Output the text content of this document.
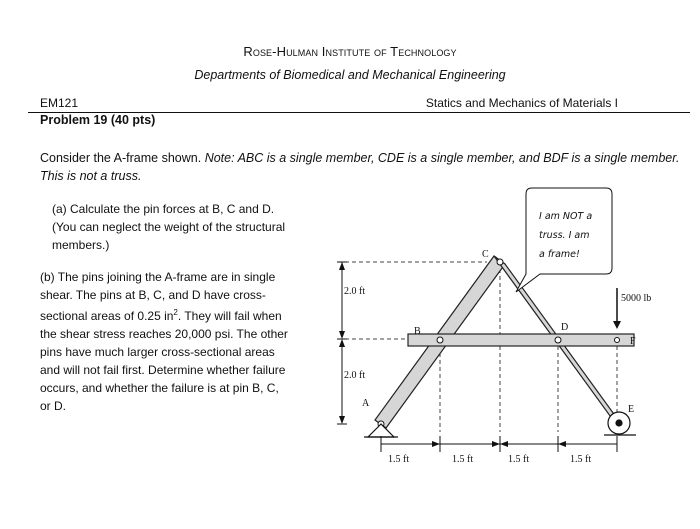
Rose-Hulman Institute of Technology
Departments of Biomedical and Mechanical Engineering
EM121	Statics and Mechanics of Materials I
Problem 19 (40 pts)
Consider the A-frame shown. Note: ABC is a single member, CDE is a single member, and BDF is a single member. This is not a truss.
(a) Calculate the pin forces at B, C and D. (You can neglect the weight of the structural members.)
(b) The pins joining the A-frame are in single shear. The pins at B, C, and D have cross-sectional areas of 0.25 $in^2$. They will fail when the shear stress reaches 20,000 psi. The other pins have much larger cross-sectional areas and will not fail first. Determine whether failure occurs, and whether the failure is at pin B, C, or D.
5000 lb
C
B	D
F
A
E
2.0 ft
2.0 ft
1.5 ft	1.5 ft	1.5 ft	1.5 ft
I am NOT a
truss. I am
a frame!
